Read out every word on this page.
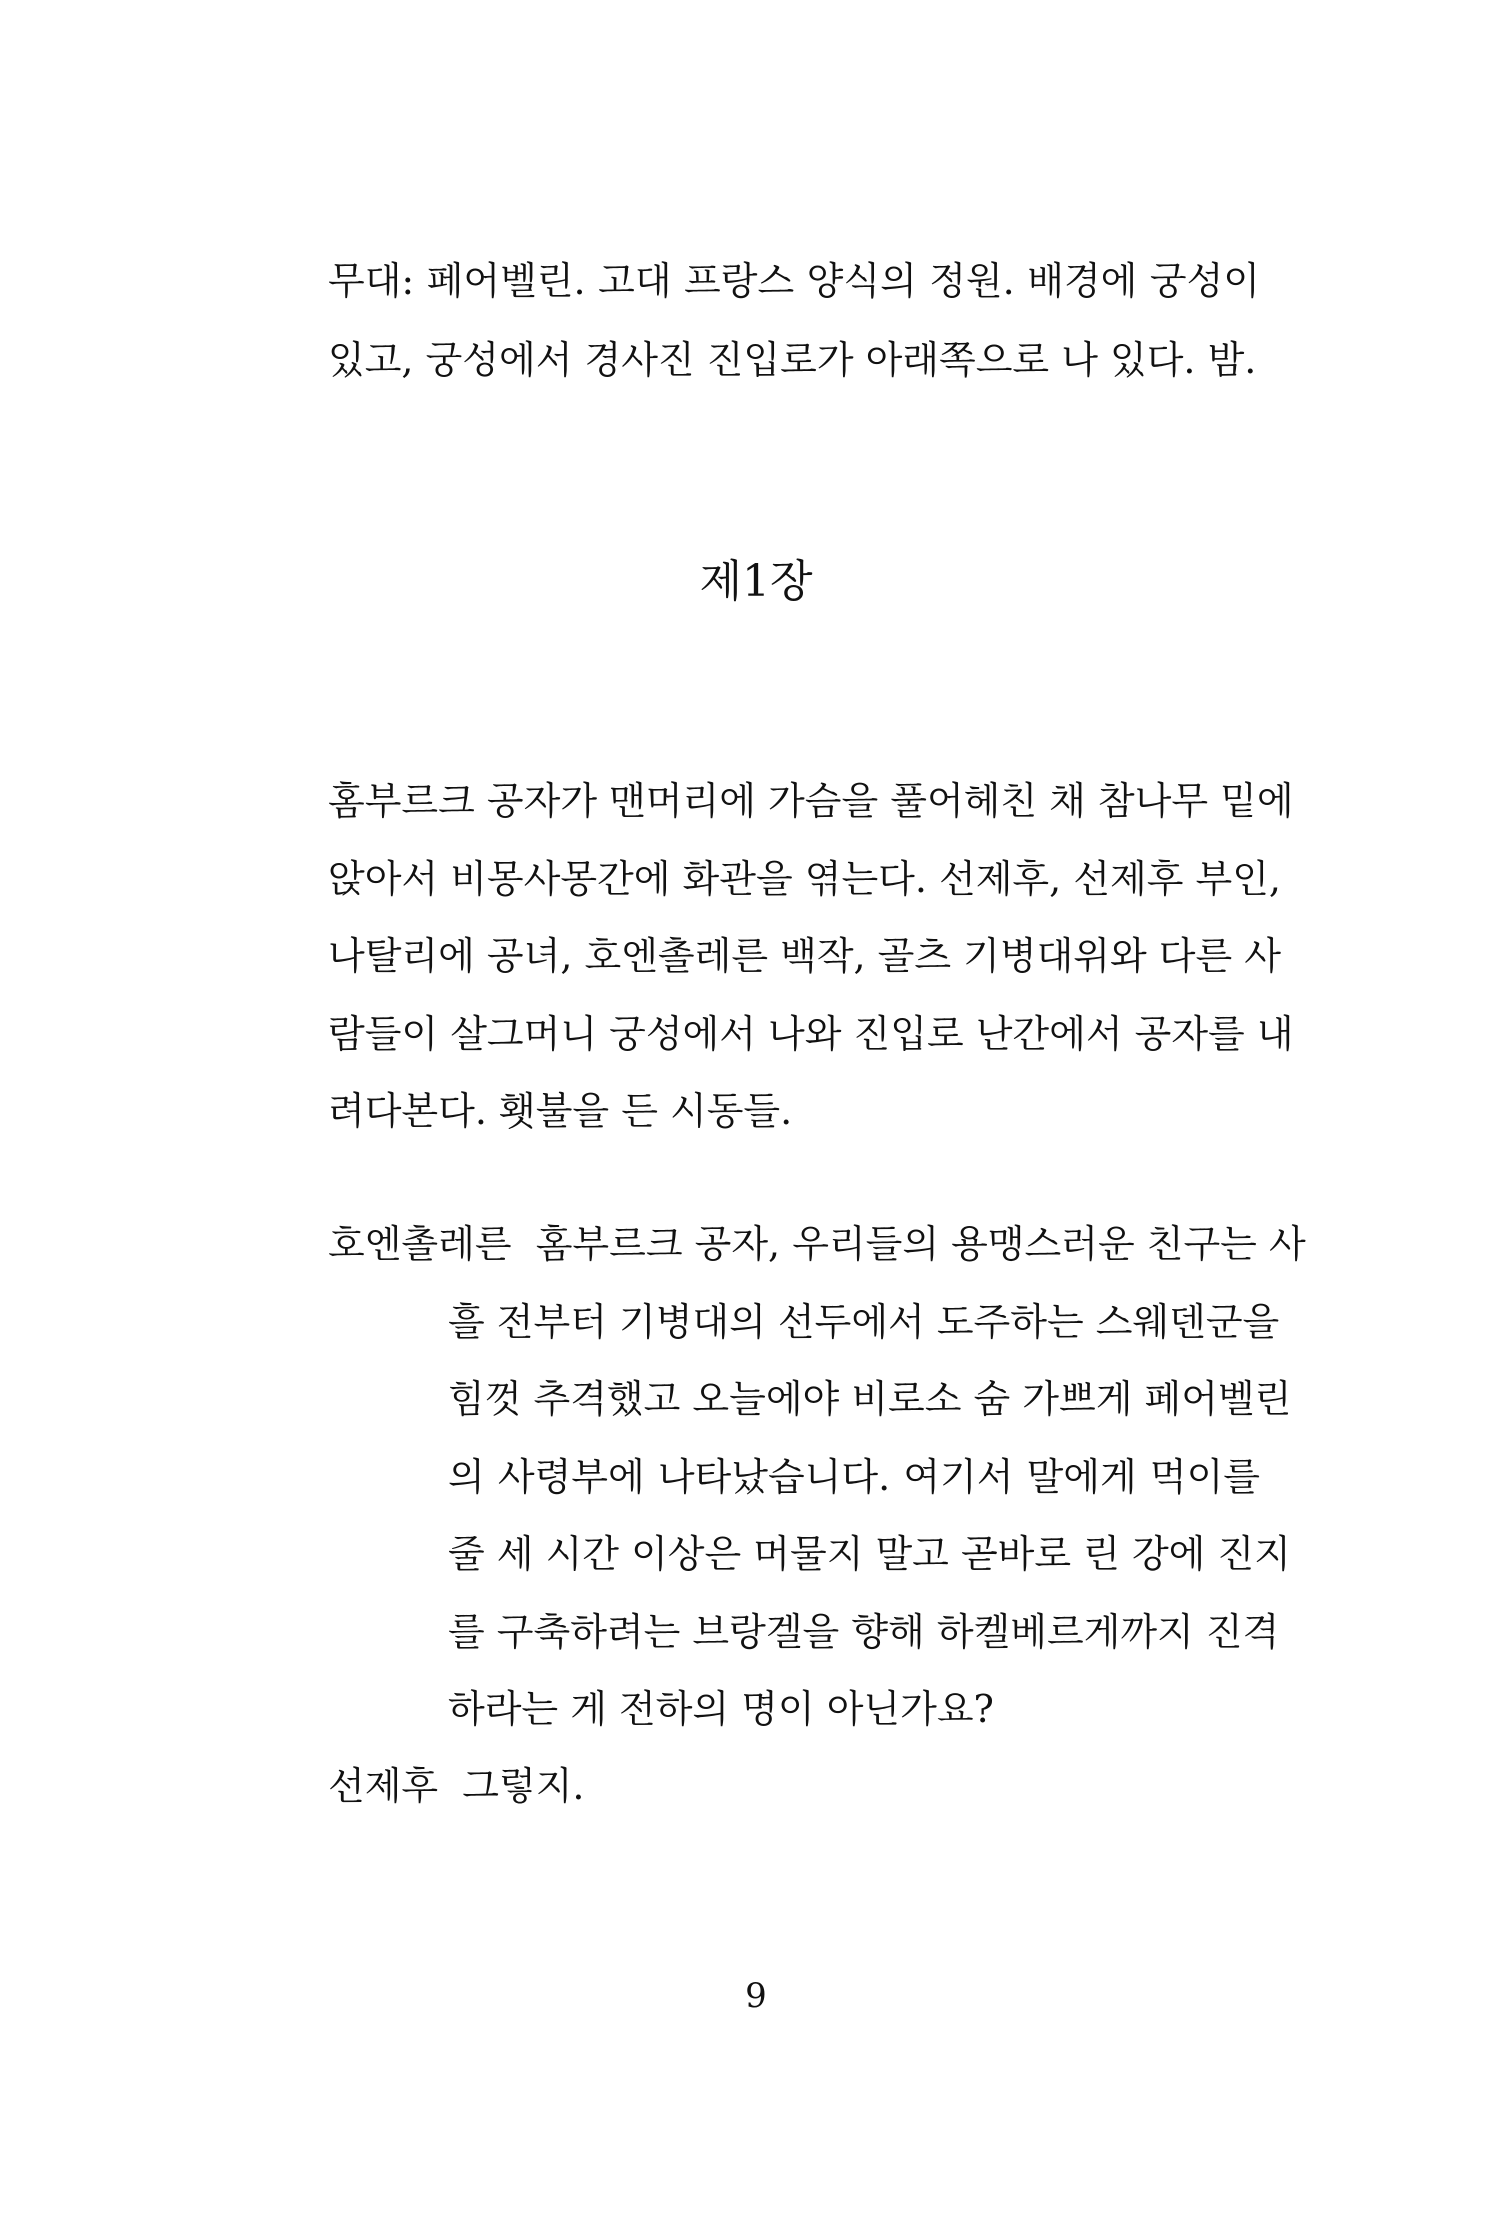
무대: 페어벨린. 고대 프랑스 양식의 정원. 배경에 궁성이
있고, 궁성에서 경사진 진입로가 아래쪽으로 나 있다. 밤.
제1장
홈부르크 공자가 맨머리에 가슴을 풀어헤친 채 참나무 밑에
앉아서 비몽사몽간에 화관을 엮는다. 선제후, 선제후 부인,
나탈리에 공녀, 호엔촐레른 백작, 골츠 기병대위와 다른 사
람들이 살그머니 궁성에서 나와 진입로 난간에서 공자를 내
려다본다. 횃불을 든 시동들.
호엔촐레른 홈부르크 공자, 우리들의 용맹스러운 친구는 사
흘 전부터 기병대의 선두에서 도주하는 스웨덴군을
힘껏 추격했고 오늘에야 비로소 숨 가쁘게 페어벨린
의 사령부에 나타났습니다. 여기서 말에게 먹이를
줄 세 시간 이상은 머물지 말고 곧바로 린 강에 진지
를 구축하려는 브랑겔을 향해 하켈베르게까지 진격
하라는 게 전하의 명이 아닌가요?
선제후 그렇지.
9
